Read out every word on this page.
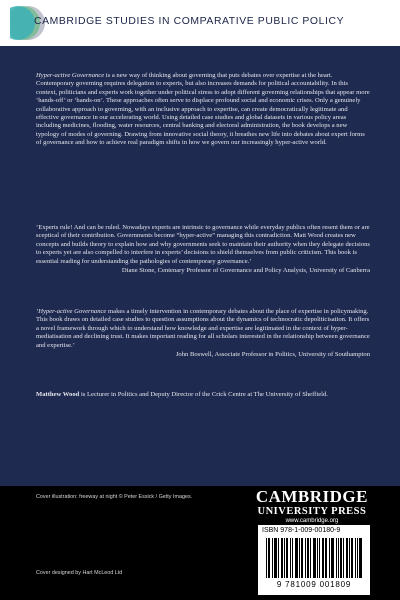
CAMBRIDGE STUDIES IN COMPARATIVE PUBLIC POLICY

Hyper-active Governance is a new way of thinking about governing that puts debates over expertise at the heart. Contemporary governing requires delegation to experts, but also increases demands for political accountability. In this context, politicians and experts work together under political stress to adopt different governing relationships that appear more ‘hands-off’ or ‘hands-on’. These approaches often serve to displace profound social and economic crises. Only a genuinely collaborative approach to governing, with an inclusive approach to expertise, can create democratically legitimate and effective governance in our accelerating world. Using detailed case studies and global datasets in various policy areas including medicines, flooding, water resources, central banking and electoral administration, the book develops a new typology of modes of governing. Drawing from innovative social theory, it breathes new life into debates about expert forms of governance and how to achieve real paradigm shifts in how we govern our increasingly hyper-active world.

‘Experts rule! And can be ruled. Nowadays experts are intrinsic to governance while everyday publics often resent them or are sceptical of their contribution. Governments become “hyper-active” managing this contradiction. Matt Wood creates new concepts and builds theory to explain how and why governments seek to maintain their authority when they delegate decisions to experts yet are also compelled to interfere in experts’ decisions to shield themselves from public criticism. This book is essential reading for understanding the pathologies of contemporary governance.’

Diane Stone, Centenary Professor of Governance and Policy Analysis, University of Canberra

‘Hyper-active Governance makes a timely intervention in contemporary debates about the place of expertise in policymaking. This book draws on detailed case studies to question assumptions about the dynamics of technocratic depoliticisation. It offers a novel framework through which to understand how knowledge and expertise are legitimated in the context of hyper-mediatisation and declining trust. It makes important reading for all scholars interested in the relationship between governance and expertise.’

John Boswell, Associate Professor in Politics, University of Southampton

Matthew Wood is Lecturer in Politics and Deputy Director of the Crick Centre at The University of Sheffield.

Cover illustration: freeway at night © Peter Essick / Getty Images.
Cover designed by Hart McLeod Ltd
CAMBRIDGE
UNIVERSITY PRESS
www.cambridge.org
ISBN 978-1-009-00180-9
9 781009 001809
